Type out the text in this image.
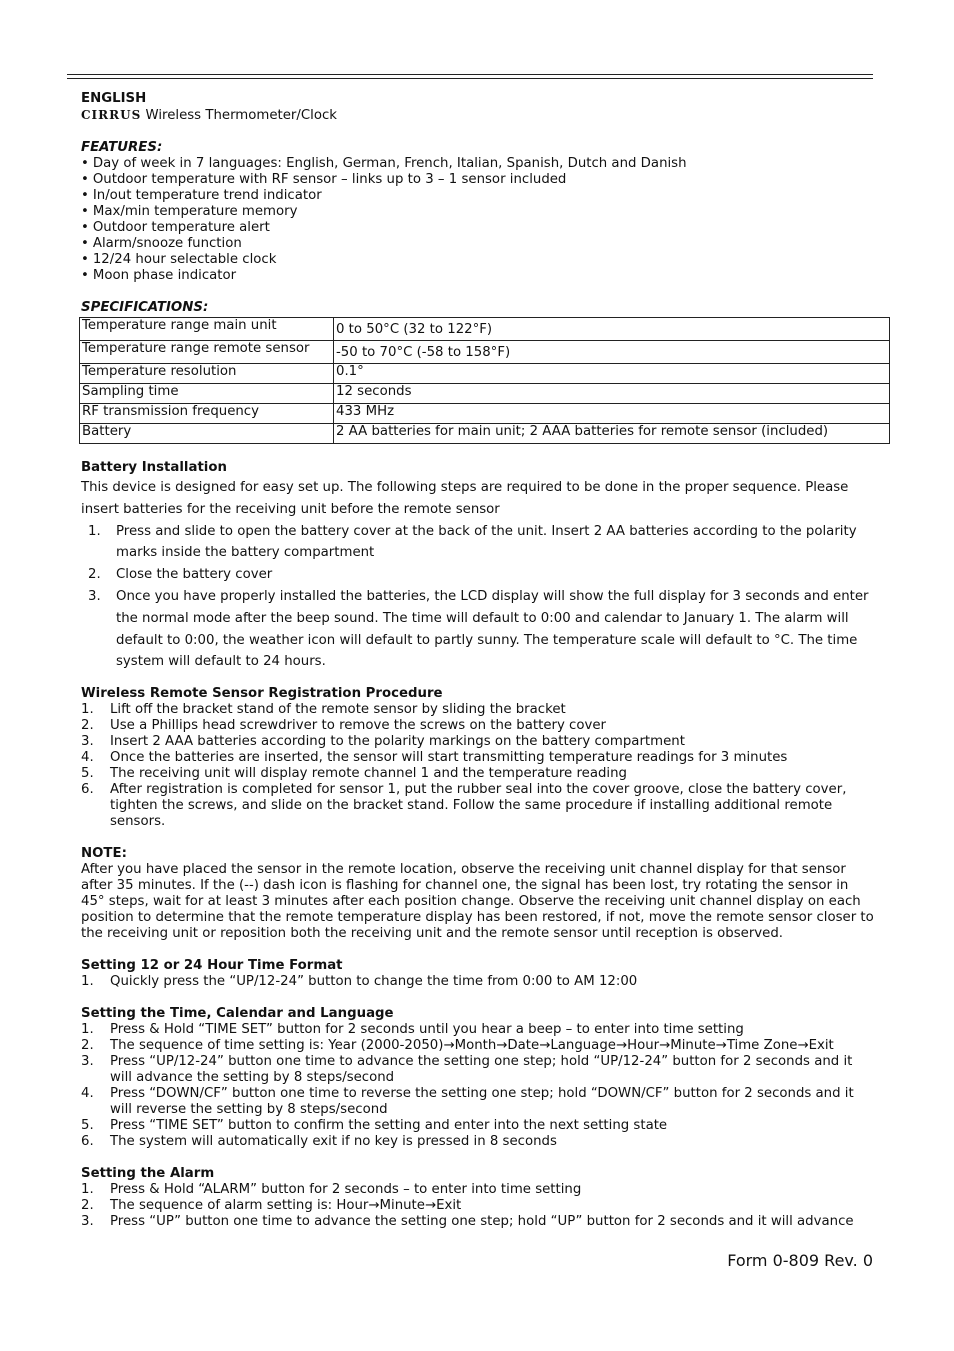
ENGLISH
CIRRUS Wireless Thermometer/Clock
FEATURES:
• Day of week in 7 languages: English, German, French, Italian, Spanish, Dutch and Danish
• Outdoor temperature with RF sensor – links up to 3 – 1 sensor included
• In/out temperature trend indicator
• Max/min temperature memory
• Outdoor temperature alert
• Alarm/snooze function
• 12/24 hour selectable clock
• Moon phase indicator
SPECIFICATIONS:
Temperature range main unit	0 to 50°C (32 to 122°F)
Temperature range remote sensor	-50 to 70°C (-58 to 158°F)
Temperature resolution	0.1°
Sampling time	12 seconds
RF transmission frequency	433 MHz
Battery	2 AA batteries for main unit; 2 AAA batteries for remote sensor (included)
Battery Installation
This device is designed for easy set up. The following steps are required to be done in the proper sequence. Please insert batteries for the receiving unit before the remote sensor
1. Press and slide to open the battery cover at the back of the unit. Insert 2 AA batteries according to the polarity marks inside the battery compartment
2. Close the battery cover
3. Once you have properly installed the batteries, the LCD display will show the full display for 3 seconds and enter the normal mode after the beep sound. The time will default to 0:00 and calendar to January 1. The alarm will default to 0:00, the weather icon will default to partly sunny. The temperature scale will default to °C. The time system will default to 24 hours.
Wireless Remote Sensor Registration Procedure
1. Lift off the bracket stand of the remote sensor by sliding the bracket
2. Use a Phillips head screwdriver to remove the screws on the battery cover
3. Insert 2 AAA batteries according to the polarity markings on the battery compartment
4. Once the batteries are inserted, the sensor will start transmitting temperature readings for 3 minutes
5. The receiving unit will display remote channel 1 and the temperature reading
6. After registration is completed for sensor 1, put the rubber seal into the cover groove, close the battery cover, tighten the screws, and slide on the bracket stand. Follow the same procedure if installing additional remote sensors.
NOTE:
After you have placed the sensor in the remote location, observe the receiving unit channel display for that sensor after 35 minutes. If the (--) dash icon is flashing for channel one, the signal has been lost, try rotating the sensor in 45° steps, wait for at least 3 minutes after each position change. Observe the receiving unit channel display on each position to determine that the remote temperature display has been restored, if not, move the remote sensor closer to the receiving unit or reposition both the receiving unit and the remote sensor until reception is observed.
Setting 12 or 24 Hour Time Format
1. Quickly press the “UP/12-24” button to change the time from 0:00 to AM 12:00
Setting the Time, Calendar and Language
1. Press & Hold “TIME SET” button for 2 seconds until you hear a beep – to enter into time setting
2. The sequence of time setting is: Year (2000-2050)→Month→Date→Language→Hour→Minute→Time Zone→Exit
3. Press “UP/12-24” button one time to advance the setting one step; hold “UP/12-24” button for 2 seconds and it will advance the setting by 8 steps/second
4. Press “DOWN/CF” button one time to reverse the setting one step; hold “DOWN/CF” button for 2 seconds and it will reverse the setting by 8 steps/second
5. Press “TIME SET” button to confirm the setting and enter into the next setting state
6. The system will automatically exit if no key is pressed in 8 seconds
Setting the Alarm
1. Press & Hold “ALARM” button for 2 seconds – to enter into time setting
2. The sequence of alarm setting is: Hour→Minute→Exit
3. Press “UP” button one time to advance the setting one step; hold “UP” button for 2 seconds and it will advance
Form 0-809 Rev. 0
